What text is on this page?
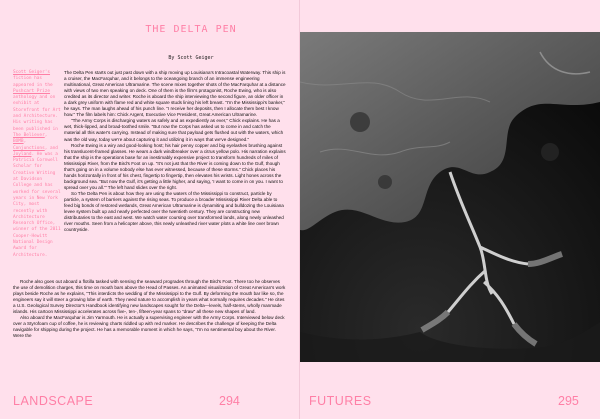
THE DELTA PEN
By Scott Geiger
Scott Geiger's fiction has appeared in the Pushcart Prize anthology and on exhibit at Storefront for Art and Architecture. His writing has been published in The Believer, BOMB, Conjunctions, and Joyland. He was a Patricia Cornwell Scholar for Creative Writing at Davidson College and has worked for several years in New York City, most recently with Architecture Research Office, winner of the 2011 Cooper-Hewitt National Design Award for Architecture.

The Delta Pen starts out just past down with a ship moving up Louisiana's Intracoastal Waterway. This ship is a cruiser, the MacFarquhar, and it belongs to the oceangoing branch of an immense engineering multinational, Great American Ultramarine. The scene mixes together shots of the MacFarquhar at a distance with views of two men speaking on deck. One of them is the film's protagonist, Roche Ewing, who is also credited as its director and writer. Roche is aboard the ship interviewing the second figure, an older officer in a dark grey uniform with flame red and white square studs lining his left breast. "I'm the Mississippi's banker," he says. The man laughs ahead of his punch line. "I receive her deposits, then I allocate them best I know how." The film labels him: Chick Argent, Executive Vice President, Great American Ultramarine.

"The Army Corps is discharging waters as safely and as expediently as ever," Chick explains. He has a wet, thick-lipped, and broad-toothed smile. "But now the Corps has asked us to come in and catch the material all this water's carrying. Instead of making sure that payload gets flushed out with the waters, which was the old way, today we're about capturing it and utilizing it in ways that we've designed."

Roche Ewing is a wiry and good-looking host; his hair penny copper and big eyelashes brushing against his translucent-framed glasses. He wears a dark windbreaker over a citrus yellow polo. His narration explains that the ship is the operations base for an inestimably expensive project to transform hundreds of miles of Mississippi River, from the Bird's Foot on up. "It's not just that the River is coming down to the Gulf, though that's going on in a volume nobody else has ever witnessed, because of these storms." Chick places his hands horizontally in front of his chest, fingertip to fingertip, then elevates his wrists. Light hones across the background sea. "But now the Gulf, it's getting a little higher, and saying, 'I want to come in on you. I want to spread over you all.'" The left hand slides over the right.

So The Delta Pen is about how they are using the waters of the Mississippi to construct, particle by particle, a system of barriers against the rising seas. To produce a broader Mississippi River Delta able to feed big bonds of restored wetlands, Great American Ultramarine is dynamiting and bulldozing the Louisiana levee system built up and nearly perfected over the twentieth century. They are constructing new distributaries to the east and west. We watch water coursing over transformed lands, along newly unleashed river mouths. Seen from a helicopter above, this newly unleashed river water plots a white line over brown countryside.

Roche also goes out aboard a flotilla tasked with sensing the seaward progrades through the Bird's Foot. There too he observes the use of demolition charges, this time on mouth bars above the Head of Passes. An animated visualization of Great American's work plays beside Roche as he explains, "This interdicts the wedding of the Mississippi to the Gulf. By deforming the mouth bar like so, the engineers say it will steer a growing lobe of earth. They need nature to accomplish in years what normally requires decades." He cites a U.S. Geological Survey Director's Handbook identifying new landscapes sought for the Delta—levels, half-stems, wholly manmade islands. His cartoon Mississippi accelerates across five-, ten-, fifteen-year spans to "draw" all these new shapes of land.

Also aboard the MacFarquhar is Jim Yarmouth. He is actually a supervising engineer with the Army Corps. Interviewed below deck over a Styrofoam cup of coffee, he is reviewing charts riddled up with red marker. He describes the challenge of keeping the Delta navigable for shipping during the project. He has a memorable moment in which he says, "I'm no sentimental boy about the River. Were the

LANDSCAPE	294	FUTURES	295
